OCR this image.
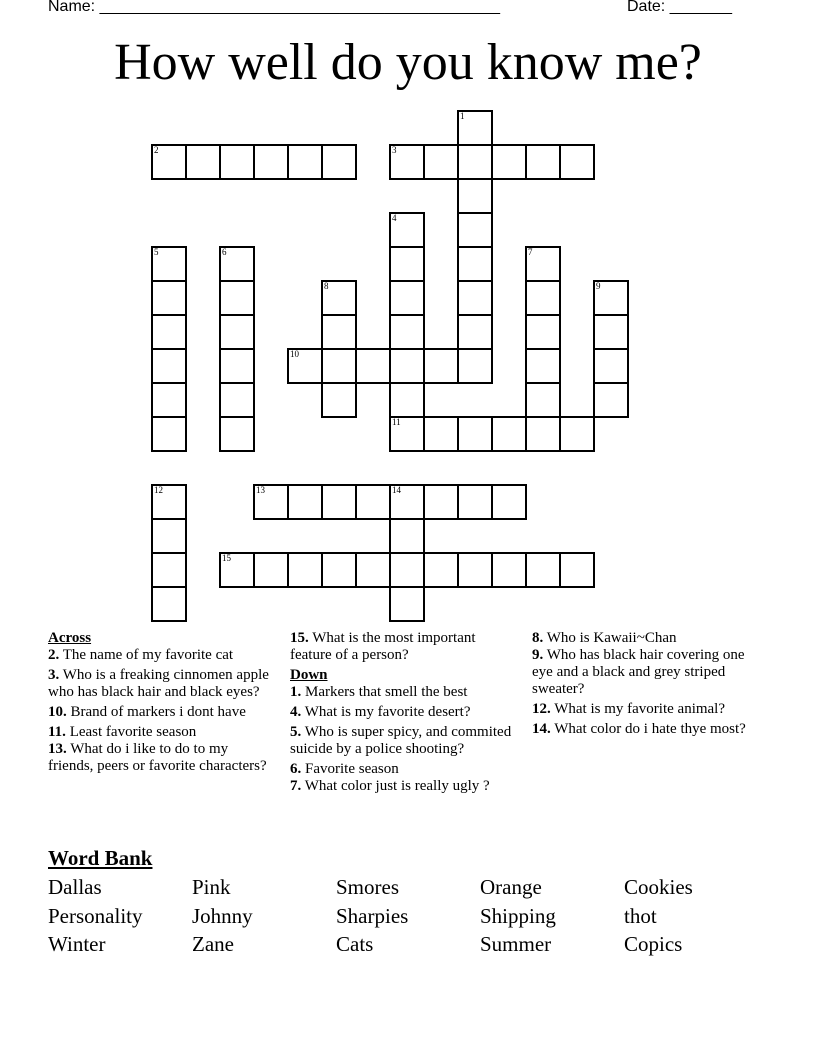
Name: _____________________________________________	Date: _______
How well do you know me?
1
2	3
4
5	6	7
8	9
10
11
12	13	14
15
Across
2. The name of my favorite cat
3. Who is a freaking cinnomen apple who has black hair and black eyes?
10. Brand of markers i dont have
11. Least favorite season
13. What do i like to do to my friends, peers or favorite characters?
15. What is the most important feature of a person?
Down
1. Markers that smell the best
4. What is my favorite desert?
5. Who is super spicy, and commited suicide by a police shooting?
6. Favorite season
7. What color just is really ugly ?
8. Who is Kawaii~Chan
9. Who has black hair covering one eye and a black and grey striped sweater?
12. What is my favorite animal?
14. What color do i hate thye most?
Word Bank
Dallas	Pink	Smores	Orange	Cookies
Personality	Johnny	Sharpies	Shipping	thot
Winter	Zane	Cats	Summer	Copics
